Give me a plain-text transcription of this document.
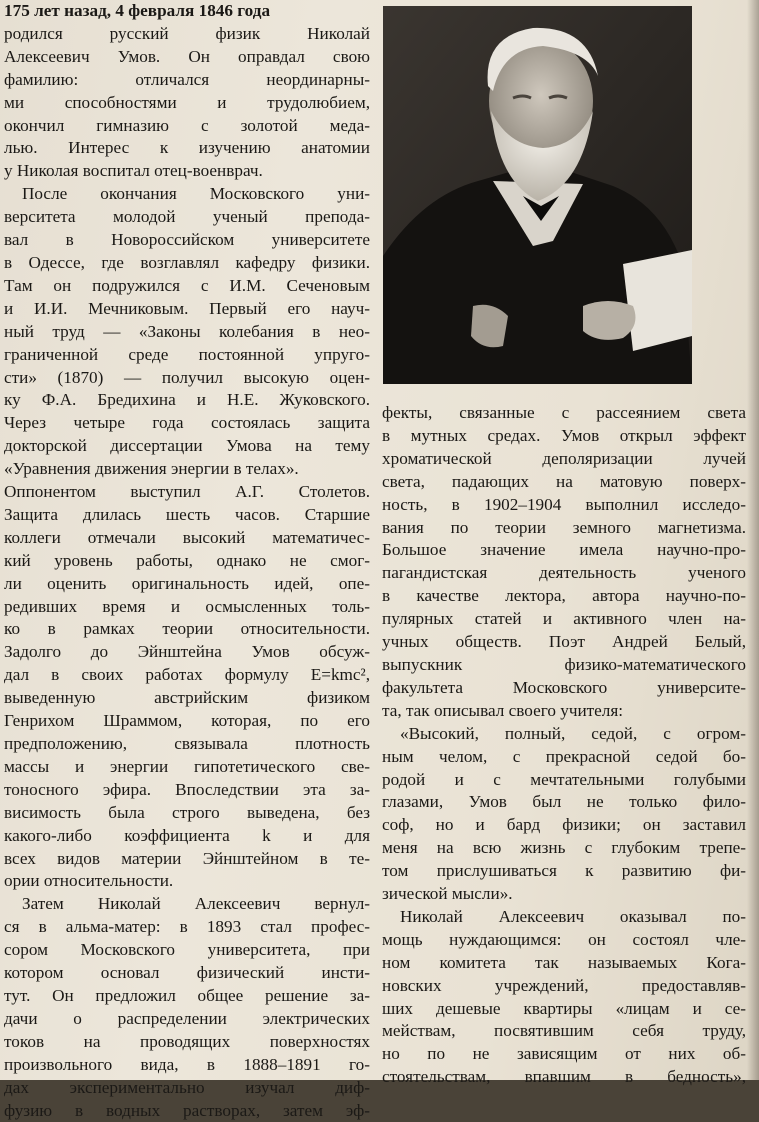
175 лет назад, 4 февраля 1846 года
родился русский физик Николай
Алексеевич Умов. Он оправдал свою
фамилию: отличался неординарны-
ми способностями и трудолюбием,
окончил гимназию с золотой меда-
лью. Интерес к изучению анатомии
у Николая воспитал отец-военврач.
После окончания Московского уни-
верситета молодой ученый препода-
вал в Новороссийском университете
в Одессе, где возглавлял кафедру физики.
Там он подружился с И.М. Сеченовым
и И.И. Мечниковым. Первый его науч-
ный труд — «Законы колебания в нео-
граниченной среде постоянной упруго-
сти» (1870) — получил высокую оцен-
ку Ф.А. Бредихина и Н.Е. Жуковского.
Через четыре года состоялась защита
докторской диссертации Умова на тему
«Уравнения движения энергии в телах».
Оппонентом выступил А.Г. Столетов.
Защита длилась шесть часов. Старшие
коллеги отмечали высокий математичес-
кий уровень работы, однако не смог-
ли оценить оригинальность идей, опе-
редивших время и осмысленных толь-
ко в рамках теории относительности.
Задолго до Эйнштейна Умов обсуж-
дал в своих работах формулу E=kmc²,
выведенную австрийским физиком
Генрихом Шраммом, которая, по его
предположению, связывала плотность
массы и энергии гипотетического све-
тоносного эфира. Впоследствии эта за-
висимость была строго выведена, без
какого-либо коэффициента k и для
всех видов материи Эйнштейном в те-
ории относительности.
Затем Николай Алексеевич вернул-
ся в альма-матер: в 1893 стал профес-
сором Московского университета, при
котором основал физический инсти-
тут. Он предложил общее решение за-
дачи о распределении электрических
токов на проводящих поверхностях
произвольного вида, в 1888–1891 го-
дах экспериментально изучал диф-
фузию в водных растворах, затем эф-
фекты, связанные с рассеянием света
в мутных средах. Умов открыл эффект
хроматической деполяризации лучей
света, падающих на матовую поверх-
ность, в 1902–1904 выполнил исследо-
вания по теории земного магнетизма.
Большое значение имела научно-про-
пагандистская деятельность ученого
в качестве лектора, автора научно-по-
пулярных статей и активного член на-
учных обществ. Поэт Андрей Белый,
выпускник физико-математического
факультета Московского университе-
та, так описывал своего учителя:
«Высокий, полный, седой, с огром-
ным челом, с прекрасной седой бо-
родой и с мечтательными голубыми
глазами, Умов был не только фило-
соф, но и бард физики; он заставил
меня на всю жизнь с глубоким трепе-
том прислушиваться к развитию фи-
зической мысли».
Николай Алексеевич оказывал по-
мощь нуждающимся: он состоял чле-
ном комитета так называемых Кога-
новских учреждений, предоставляв-
ших дешевые квартиры «лицам и се-
мействам, посвятившим себя труду,
но по не зависящим от них об-
стоятельствам, впавшим в бедность»,
